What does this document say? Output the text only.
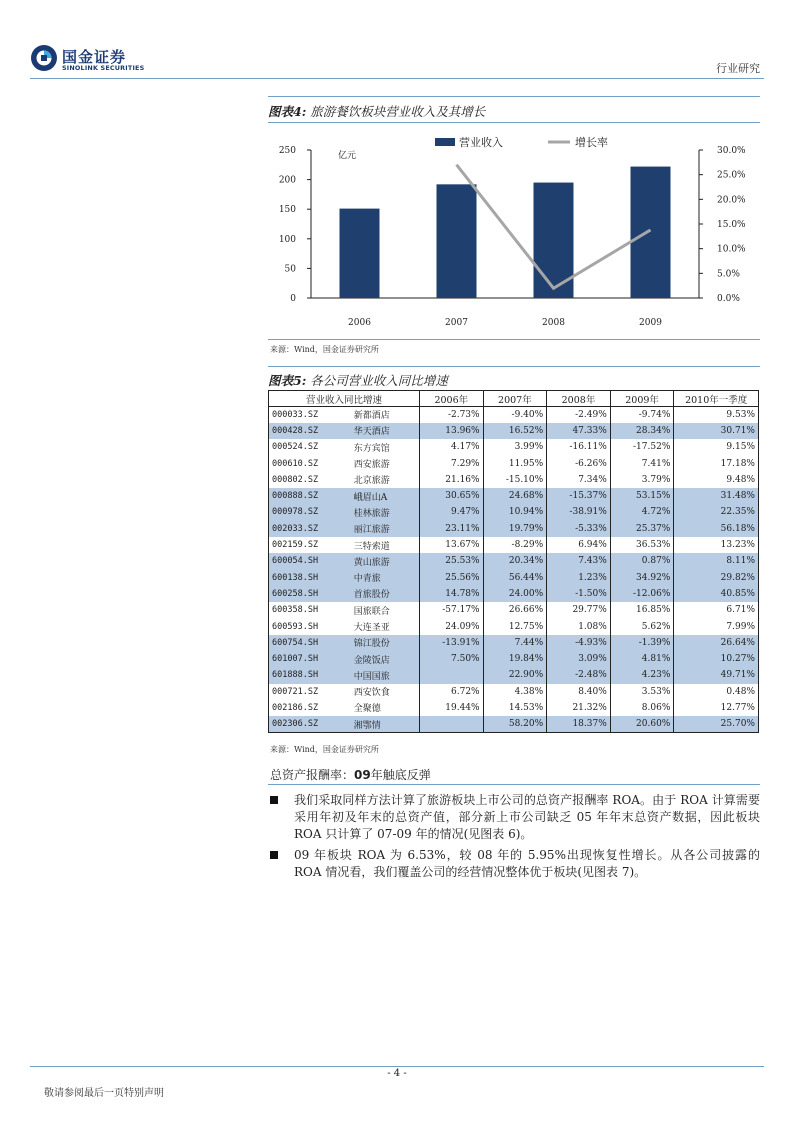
国金证券
SINOLINK SECURITIES	行业研究
图表4: 旅游餐饮板块营业收入及其增长
0
50
100
150
200
250
0.0%
5.0%
10.0%
15.0%
20.0%
25.0%
30.0%
亿元
2006	2007	2008	2009
营业收入	增长率
来源：Wind，国金证券研究所
图表5: 各公司营业收入同比增速
营业收入同比增速		2006年	2007年	2008年	2009年	2010年一季度
000033.SZ	新都酒店	-2.73%	-9.40%	-2.49%	-9.74%	9.53%
000428.SZ	华天酒店	13.96%	16.52%	47.33%	28.34%	30.71%
000524.SZ	东方宾馆	4.17%	3.99%	-16.11%	-17.52%	9.15%
000610.SZ	西安旅游	7.29%	11.95%	-6.26%	7.41%	17.18%
000802.SZ	北京旅游	21.16%	-15.10%	7.34%	3.79%	9.48%
000888.SZ	峨眉山A	30.65%	24.68%	-15.37%	53.15%	31.48%
000978.SZ	桂林旅游	9.47%	10.94%	-38.91%	4.72%	22.35%
002033.SZ	丽江旅游	23.11%	19.79%	-5.33%	25.37%	56.18%
002159.SZ	三特索道	13.67%	-8.29%	6.94%	36.53%	13.23%
600054.SH	黄山旅游	25.53%	20.34%	7.43%	0.87%	8.11%
600138.SH	中青旅	25.56%	56.44%	1.23%	34.92%	29.82%
600258.SH	首旅股份	14.78%	24.00%	-1.50%	-12.06%	40.85%
600358.SH	国旅联合	-57.17%	26.66%	29.77%	16.85%	6.71%
600593.SH	大连圣亚	24.09%	12.75%	1.08%	5.62%	7.99%
600754.SH	锦江股份	-13.91%	7.44%	-4.93%	-1.39%	26.64%
601007.SH	金陵饭店	7.50%	19.84%	3.09%	4.81%	10.27%
601888.SH	中国国旅		22.90%	-2.48%	4.23%	49.71%
000721.SZ	西安饮食	6.72%	4.38%	8.40%	3.53%	0.48%
002186.SZ	全聚德	19.44%	14.53%	21.32%	8.06%	12.77%
002306.SZ	湘鄂情		58.20%	18.37%	20.60%	25.70%
来源：Wind，国金证券研究所
总资产报酬率：09年触底反弹
我们采取同样方法计算了旅游板块上市公司的总资产报酬率 ROA。由于 ROA 计算需要采用年初及年末的总资产值，部分新上市公司缺乏 05 年年末总资产数据，因此板块 ROA 只计算了 07-09 年的情况(见图表 6)。
09 年板块 ROA 为 6.53%，较 08 年的 5.95%出现恢复性增长。从各公司披露的 ROA 情况看，我们覆盖公司的经营情况整体优于板块(见图表 7)。
- 4 -
敬请参阅最后一页特别声明
